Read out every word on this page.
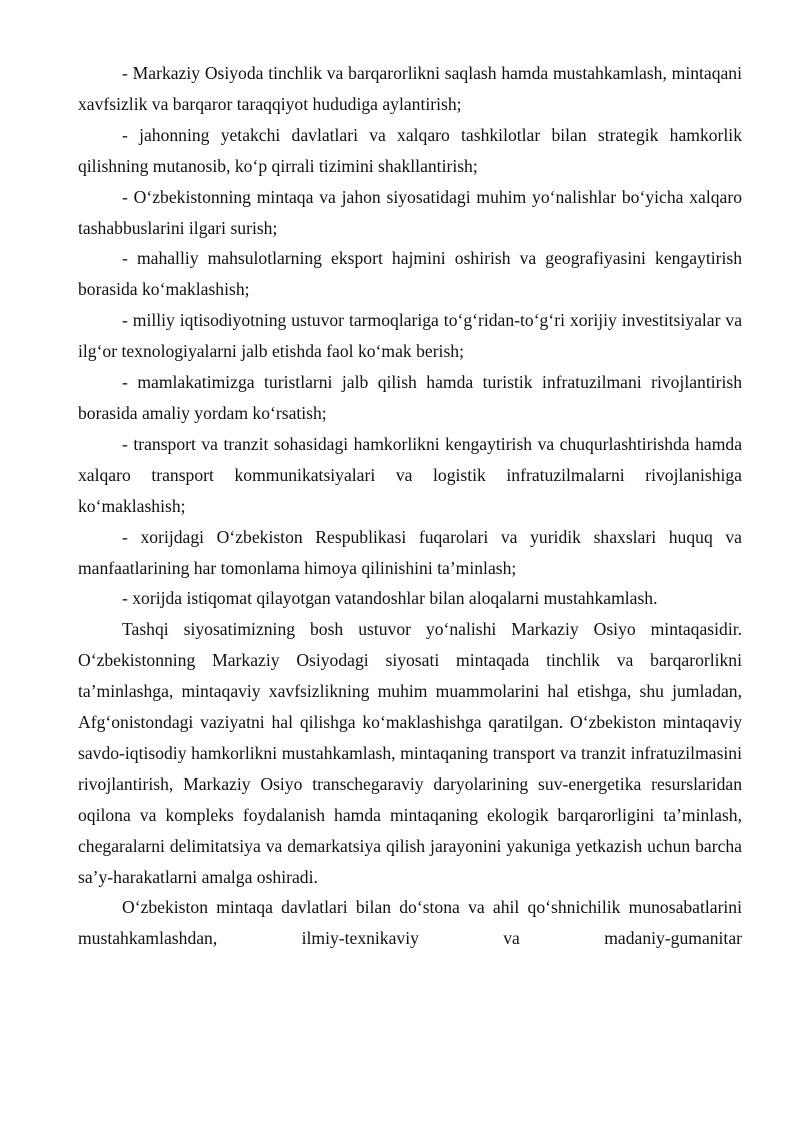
- Markaziy Osiyoda tinchlik va barqarorlikni saqlash hamda mustahkamlash, mintaqani xavfsizlik va barqaror taraqqiyot hududiga aylantirish;

- jahonning yetakchi davlatlari va xalqaro tashkilotlar bilan strategik hamkorlik qilishning mutanosib, koʻp qirrali tizimini shakllantirish;

- Oʻzbekistonning mintaqa va jahon siyosatidagi muhim yoʻnalishlar boʻyicha xalqaro tashabbuslarini ilgari surish;

- mahalliy mahsulotlarning eksport hajmini oshirish va geografiyasini kengaytirish borasida koʻmaklashish;

- milliy iqtisodiyotning ustuvor tarmoqlariga toʻgʻridan-toʻgʻri xorijiy investitsiyalar va ilgʻor texnologiyalarni jalb etishda faol koʻmak berish;

- mamlakatimizga turistlarni jalb qilish hamda turistik infratuzilmani rivojlantirish borasida amaliy yordam koʻrsatish;

- transport va tranzit sohasidagi hamkorlikni kengaytirish va chuqurlashtirishda hamda xalqaro transport kommunikatsiyalari va logistik infratuzilmalarni rivojlanishiga koʻmaklashish;

- xorijdagi Oʻzbekiston Respublikasi fuqarolari va yuridik shaxslari huquq va manfaatlarining har tomonlama himoya qilinishini taʼminlash;

- xorijda istiqomat qilayotgan vatandoshlar bilan aloqalarni mustahkamlash.

Tashqi siyosatimizning bosh ustuvor yoʻnalishi Markaziy Osiyo mintaqasidir. Oʻzbekistonning Markaziy Osiyodagi siyosati mintaqada tinchlik va barqarorlikni taʼminlashga, mintaqaviy xavfsizlikning muhim muammolarini hal etishga, shu jumladan, Afgʻonistondagi vaziyatni hal qilishga koʻmaklashishga qaratilgan. Oʻzbekiston mintaqaviy savdo-iqtisodiy hamkorlikni mustahkamlash, mintaqaning transport va tranzit infratuzilmasini rivojlantirish, Markaziy Osiyo transchegaraviy daryolarining suv-energetika resurslaridan oqilona va kompleks foydalanish hamda mintaqaning ekologik barqarorligini taʼminlash, chegaralarni delimitatsiya va demarkatsiya qilish jarayonini yakuniga yetkazish uchun barcha saʼy-harakatlarni amalga oshiradi.

Oʻzbekiston mintaqa davlatlari bilan doʻstona va ahil qoʻshnichilik munosabatlarini mustahkamlashdan, ilmiy-texnikaviy va madaniy-gumanitar
